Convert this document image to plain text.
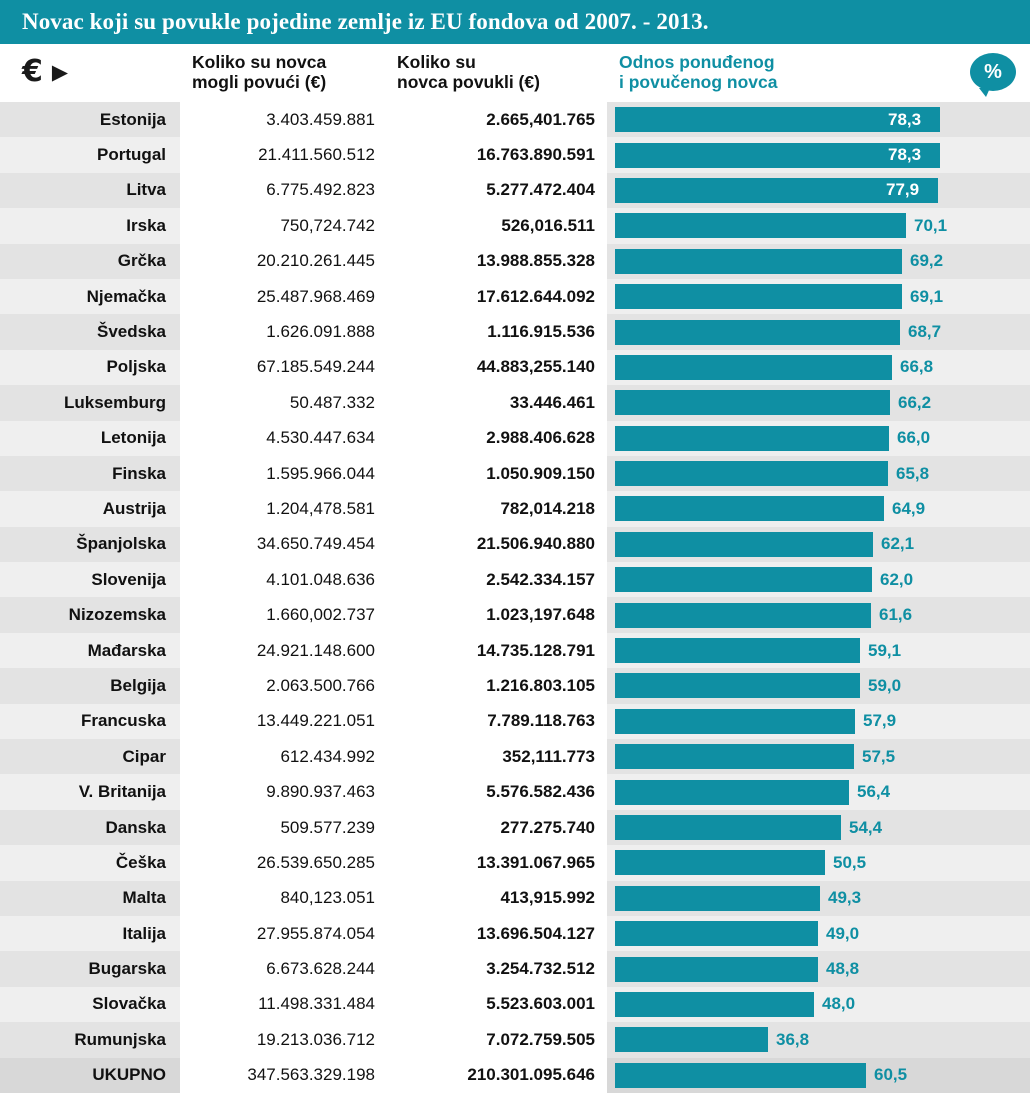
Novac koji su povukle pojedine zemlje iz EU fondova od 2007. - 2013.
€ ▶	Koliko su novca
mogli povući (€)
Koliko su
novca povukli (€)
Odnos ponuđenog
i povučenog novca	%
Estonija	3.403.459.881	2.665,401.765	78,3
Portugal	21.411.560.512	16.763.890.591	78,3
Litva	6.775.492.823	5.277.472.404	77,9
Irska	750,724.742	526,016.511	70,1
Grčka	20.210.261.445	13.988.855.328	69,2
Njemačka	25.487.968.469	17.612.644.092	69,1
Švedska	1.626.091.888	1.116.915.536	68,7
Poljska	67.185.549.244	44.883,255.140	66,8
Luksemburg	50.487.332	33.446.461	66,2
Letonija	4.530.447.634	2.988.406.628	66,0
Finska	1.595.966.044	1.050.909.150	65,8
Austrija	1.204,478.581	782,014.218	64,9
Španjolska	34.650.749.454	21.506.940.880	62,1
Slovenija	4.101.048.636	2.542.334.157	62,0
Nizozemska	1.660,002.737	1.023,197.648	61,6
Mađarska	24.921.148.600	14.735.128.791	59,1
Belgija	2.063.500.766	1.216.803.105	59,0
Francuska	13.449.221.051	7.789.118.763	57,9
Cipar	612.434.992	352,111.773	57,5
V. Britanija	9.890.937.463	5.576.582.436	56,4
Danska	509.577.239	277.275.740	54,4
Češka	26.539.650.285	13.391.067.965	50,5
Malta	840,123.051	413,915.992	49,3
Italija	27.955.874.054	13.696.504.127	49,0
Bugarska	6.673.628.244	3.254.732.512	48,8
Slovačka	11.498.331.484	5.523.603.001	48,0
Rumunjska	19.213.036.712	7.072.759.505	36,8
UKUPNO	347.563.329.198	210.301.095.646	60,5
